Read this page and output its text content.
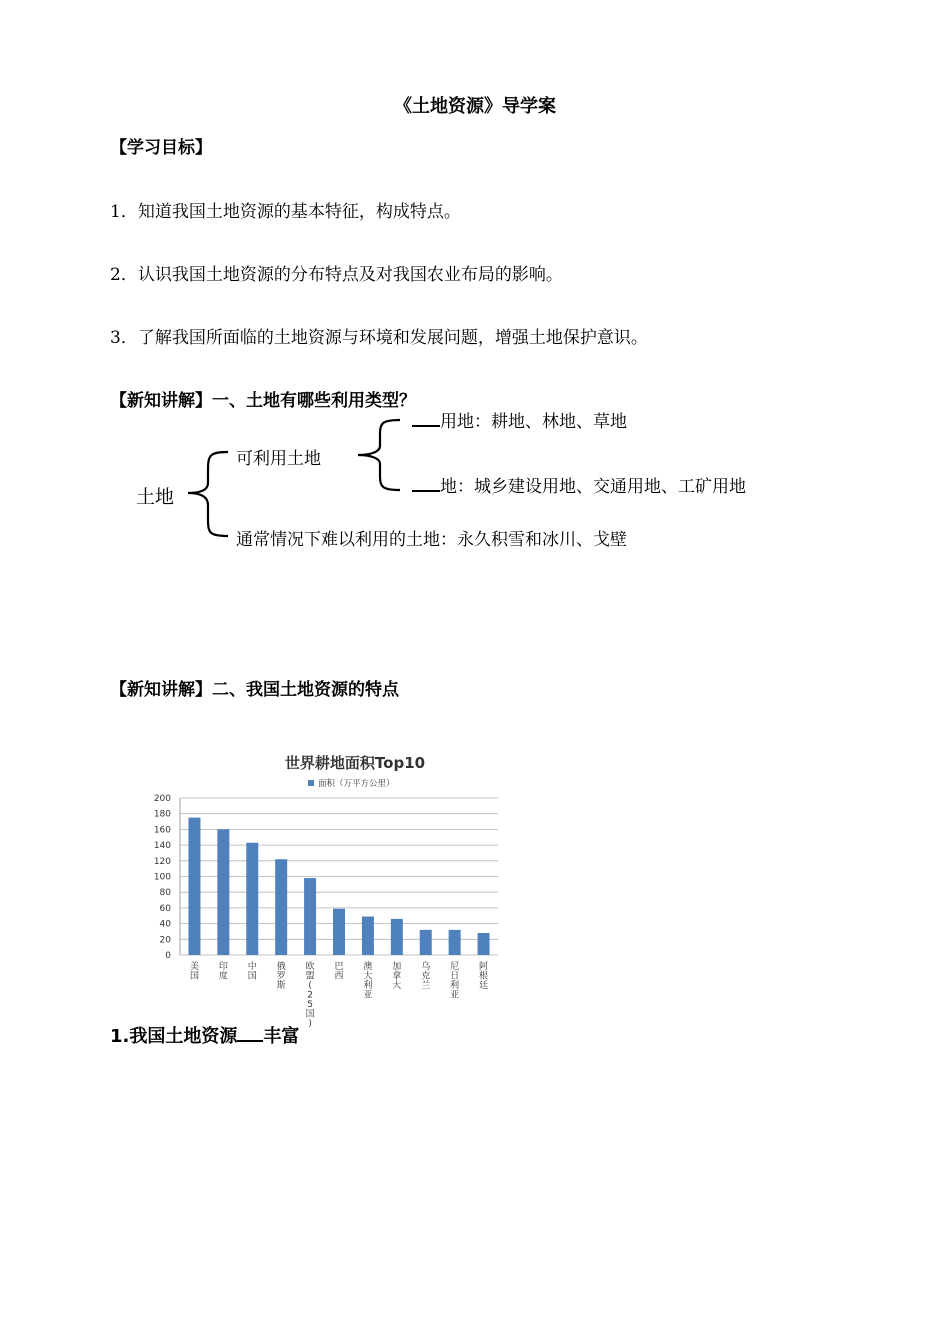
《土地资源》导学案
【学习目标】
1．知道我国土地资源的基本特征，构成特点。
2．认识我国土地资源的分布特点及对我国农业布局的影响。
3．了解我国所面临的土地资源与环境和发展问题，增强土地保护意识。
【新知讲解】一、土地有哪些利用类型？
土地
可利用土地
用地：耕地、林地、草地
地：城乡建设用地、交通用地、工矿用地
通常情况下难以利用的土地：永久积雪和冰川、戈壁
【新知讲解】二、我国土地资源的特点
世界耕地面积Top10
面积（万平方公里）
0
20
40
60
80
100
120
140
160
180
200
美国
印度
中国
俄罗斯
欧盟( 2 5 国)
巴西
澳大利亚
加拿大
乌克兰
尼日利亚
阿根廷
1.我国土地资源 丰富
